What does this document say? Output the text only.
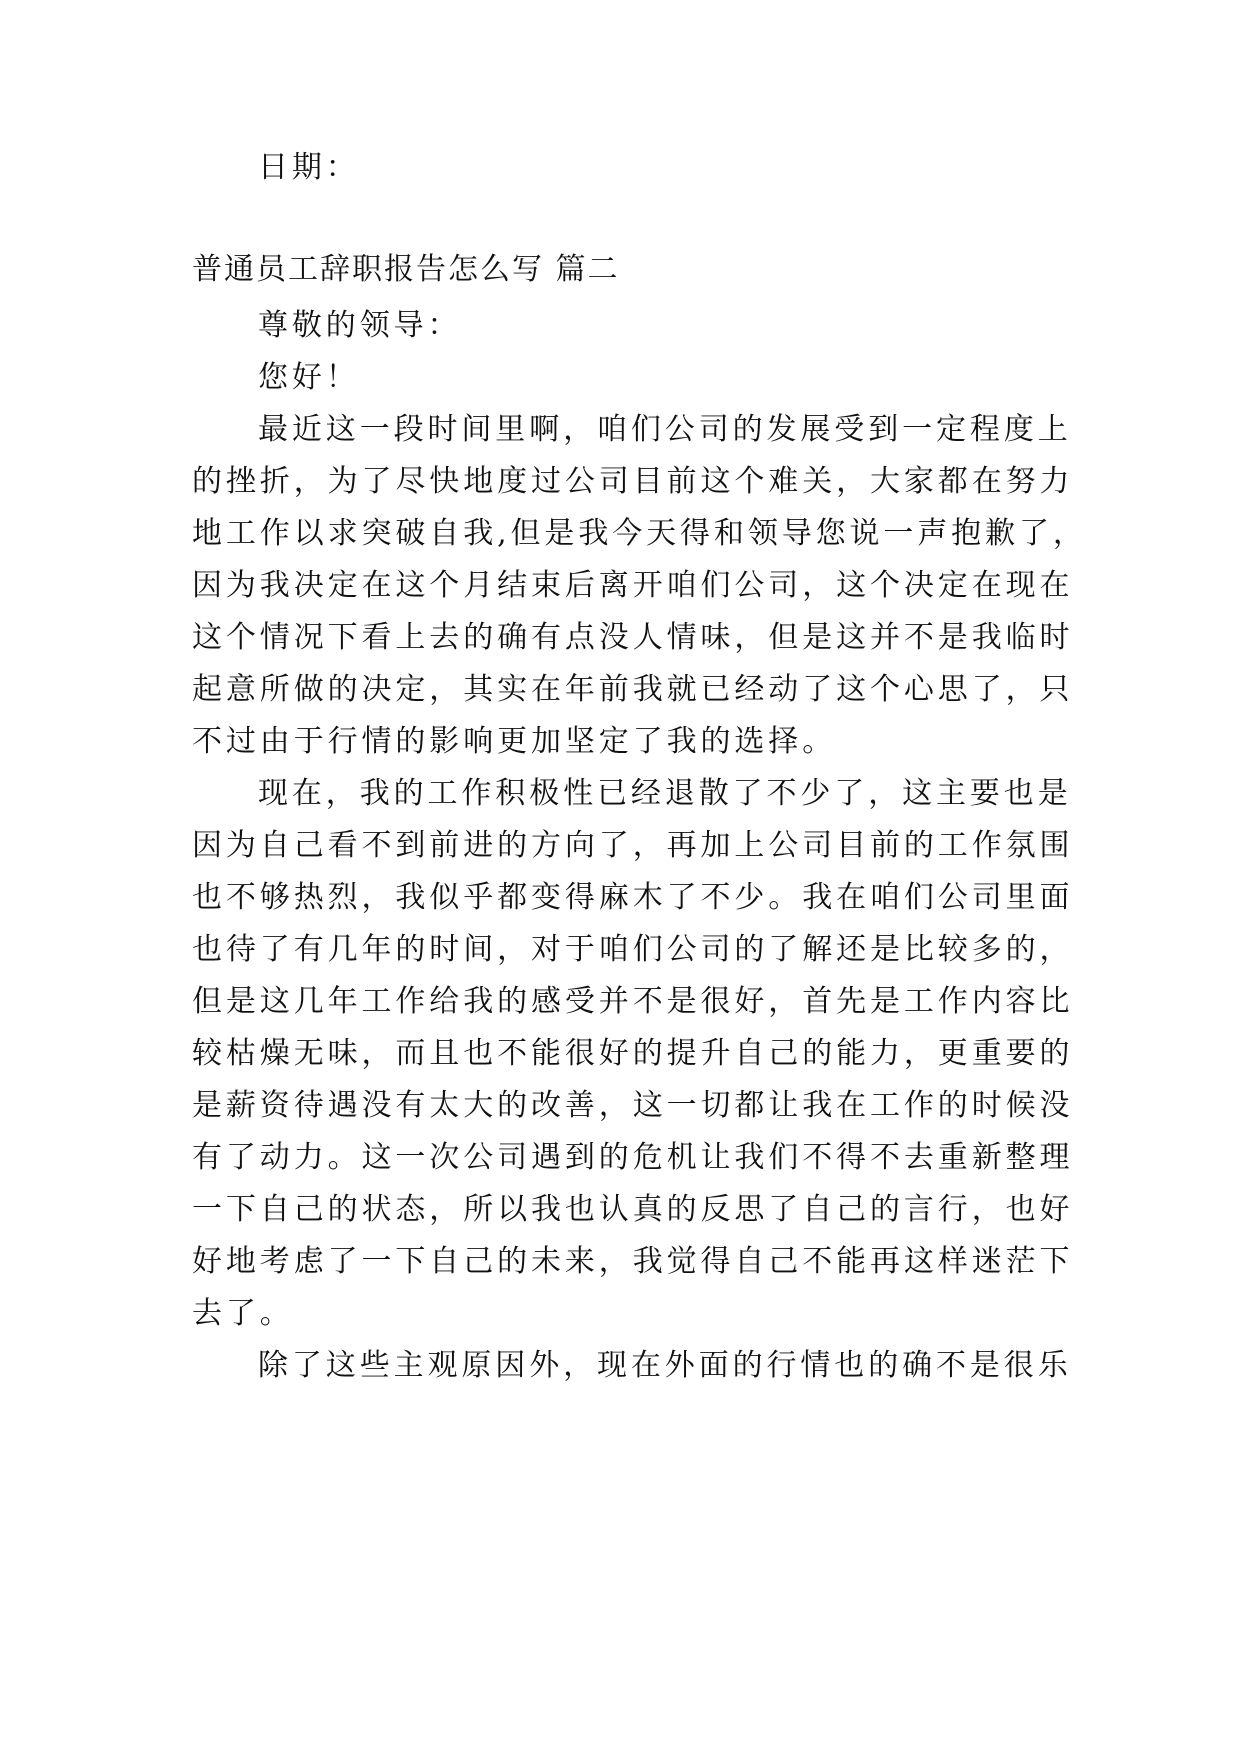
日期：
普通员工辞职报告怎么写 篇二
尊敬的领导：
您好！
最近这一段时间里啊，咱们公司的发展受到一定程度上
的挫折，为了尽快地度过公司目前这个难关，大家都在努力
地工作以求突破自我,但是我今天得和领导您说一声抱歉了，
因为我决定在这个月结束后离开咱们公司，这个决定在现在
这个情况下看上去的确有点没人情味，但是这并不是我临时
起意所做的决定，其实在年前我就已经动了这个心思了，只
不过由于行情的影响更加坚定了我的选择。
现在，我的工作积极性已经退散了不少了，这主要也是
因为自己看不到前进的方向了，再加上公司目前的工作氛围
也不够热烈，我似乎都变得麻木了不少。我在咱们公司里面
也待了有几年的时间，对于咱们公司的了解还是比较多的，
但是这几年工作给我的感受并不是很好，首先是工作内容比
较枯燥无味，而且也不能很好的提升自己的能力，更重要的
是薪资待遇没有太大的改善，这一切都让我在工作的时候没
有了动力。这一次公司遇到的危机让我们不得不去重新整理
一下自己的状态，所以我也认真的反思了自己的言行，也好
好地考虑了一下自己的未来，我觉得自己不能再这样迷茫下
去了。
除了这些主观原因外，现在外面的行情也的确不是很乐
